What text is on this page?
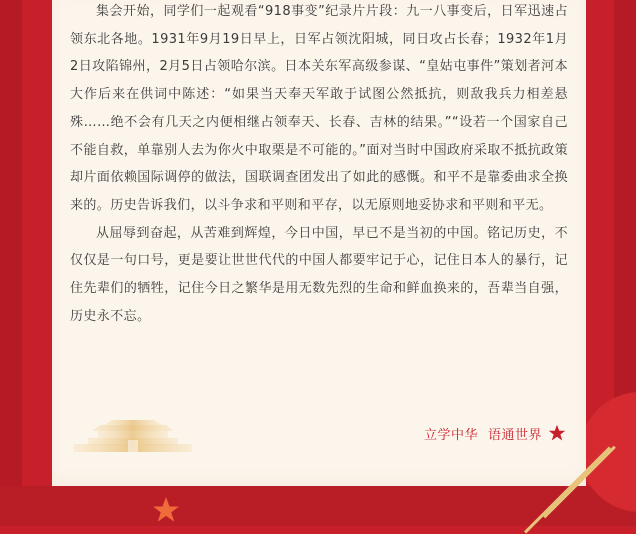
集会开始，同学们一起观看“918事变”纪录片片段：九一八事变后，日军迅速占领东北各地。1931年9月19日早上，日军占领沈阳城，同日攻占长春；1932年1月2日攻陷锦州，2月5日占领哈尔滨。日本关东军高级参谋、“皇姑屯事件”策划者河本大作后来在供词中陈述：“如果当天奉天军敢于试图公然抵抗，则敌我兵力相差悬殊……绝不会有几天之内便相继占领奉天、长春、吉林的结果。”“设若一个国家自己不能自救，单靠别人去为你火中取栗是不可能的。”面对当时中国政府采取不抵抗政策却片面依赖国际调停的做法，国联调查团发出了如此的感慨。和平不是靠委曲求全换来的。历史告诉我们，以斗争求和平则和平存，以无原则地妥协求和平则和平无。

从屈辱到奋起，从苦难到辉煌，今日中国，早已不是当初的中国。铭记历史，不仅仅是一句口号，更是要让世世代代的中国人都要牢记于心，记住日本人的暴行，记住先辈们的牺牲，记住今日之繁华是用无数先烈的生命和鲜血换来的，吾辈当自强，历史永不忘。

立学中华 语通世界
